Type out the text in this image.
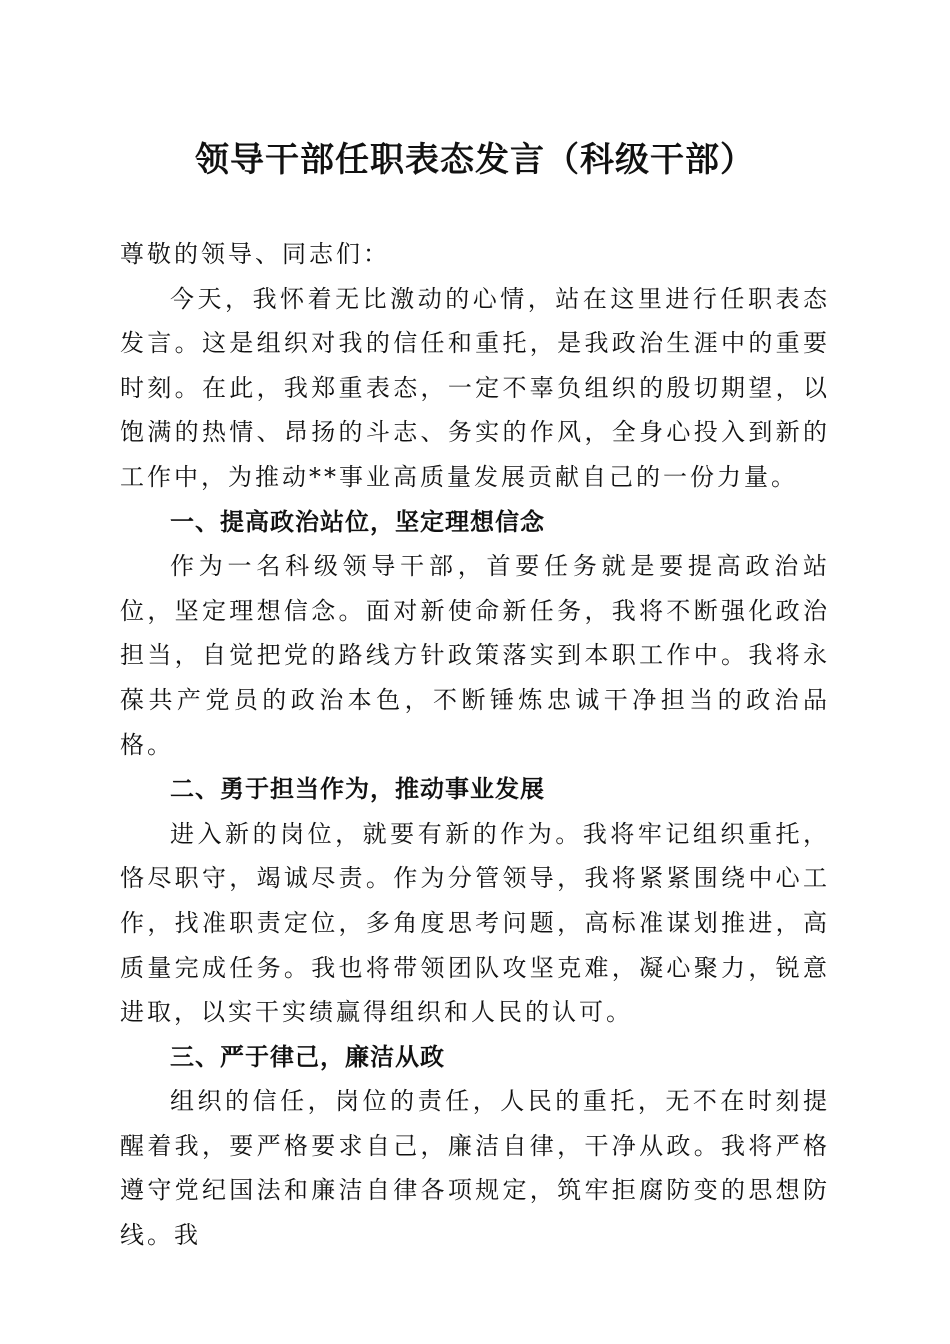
领导干部任职表态发言（科级干部）

尊敬的领导、同志们：

今天，我怀着无比激动的心情，站在这里进行任职表态发言。这是组织对我的信任和重托，是我政治生涯中的重要时刻。在此，我郑重表态，一定不辜负组织的殷切期望，以饱满的热情、昂扬的斗志、务实的作风，全身心投入到新的工作中，为推动**事业高质量发展贡献自己的一份力量。

一、提高政治站位，坚定理想信念

作为一名科级领导干部，首要任务就是要提高政治站位，坚定理想信念。面对新使命新任务，我将不断强化政治担当，自觉把党的路线方针政策落实到本职工作中。我将永葆共产党员的政治本色，不断锤炼忠诚干净担当的政治品格。

二、勇于担当作为，推动事业发展

进入新的岗位，就要有新的作为。我将牢记组织重托，恪尽职守，竭诚尽责。作为分管领导，我将紧紧围绕中心工作，找准职责定位，多角度思考问题，高标准谋划推进，高质量完成任务。我也将带领团队攻坚克难，凝心聚力，锐意进取，以实干实绩赢得组织和人民的认可。

三、严于律己，廉洁从政

组织的信任，岗位的责任，人民的重托，无不在时刻提醒着我，要严格要求自己，廉洁自律，干净从政。我将严格遵守党纪国法和廉洁自律各项规定，筑牢拒腐防变的思想防线。我
